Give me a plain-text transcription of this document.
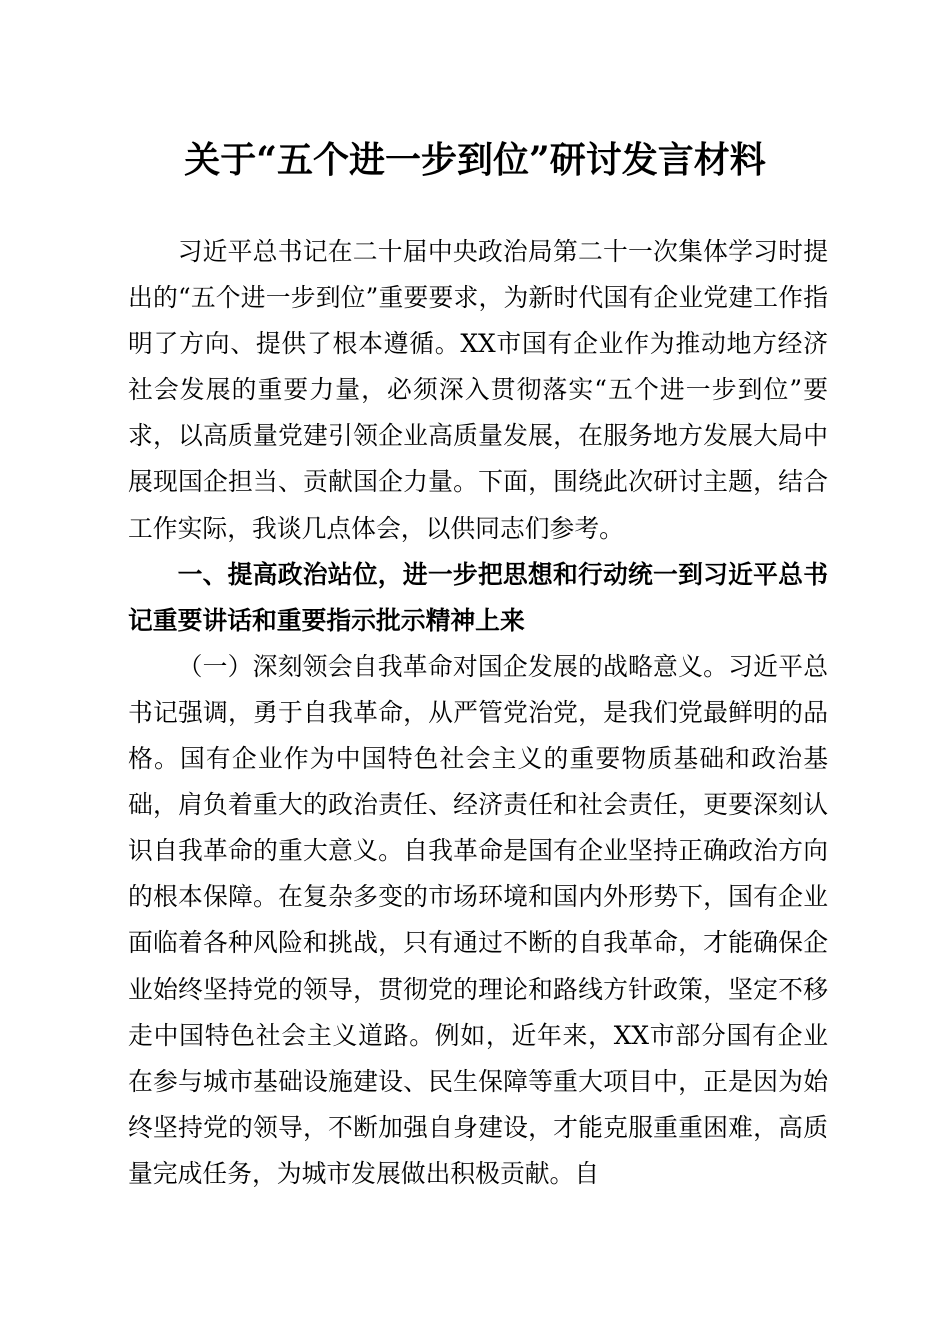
关于“五个进一步到位”研讨发言材料

习近平总书记在二十届中央政治局第二十一次集体学习时提出的“五个进一步到位”重要要求，为新时代国有企业党建工作指明了方向、提供了根本遵循。XX市国有企业作为推动地方经济社会发展的重要力量，必须深入贯彻落实“五个进一步到位”要求，以高质量党建引领企业高质量发展，在服务地方发展大局中展现国企担当、贡献国企力量。下面，围绕此次研讨主题，结合工作实际，我谈几点体会，以供同志们参考。

一、提高政治站位，进一步把思想和行动统一到习近平总书记重要讲话和重要指示批示精神上来

（一）深刻领会自我革命对国企发展的战略意义。习近平总书记强调，勇于自我革命，从严管党治党，是我们党最鲜明的品格。国有企业作为中国特色社会主义的重要物质基础和政治基础，肩负着重大的政治责任、经济责任和社会责任，更要深刻认识自我革命的重大意义。自我革命是国有企业坚持正确政治方向的根本保障。在复杂多变的市场环境和国内外形势下，国有企业面临着各种风险和挑战，只有通过不断的自我革命，才能确保企业始终坚持党的领导，贯彻党的理论和路线方针政策，坚定不移走中国特色社会主义道路。例如，近年来，XX市部分国有企业在参与城市基础设施建设、民生保障等重大项目中，正是因为始终坚持党的领导，不断加强自身建设，才能克服重重困难，高质量完成任务，为城市发展做出积极贡献。自
